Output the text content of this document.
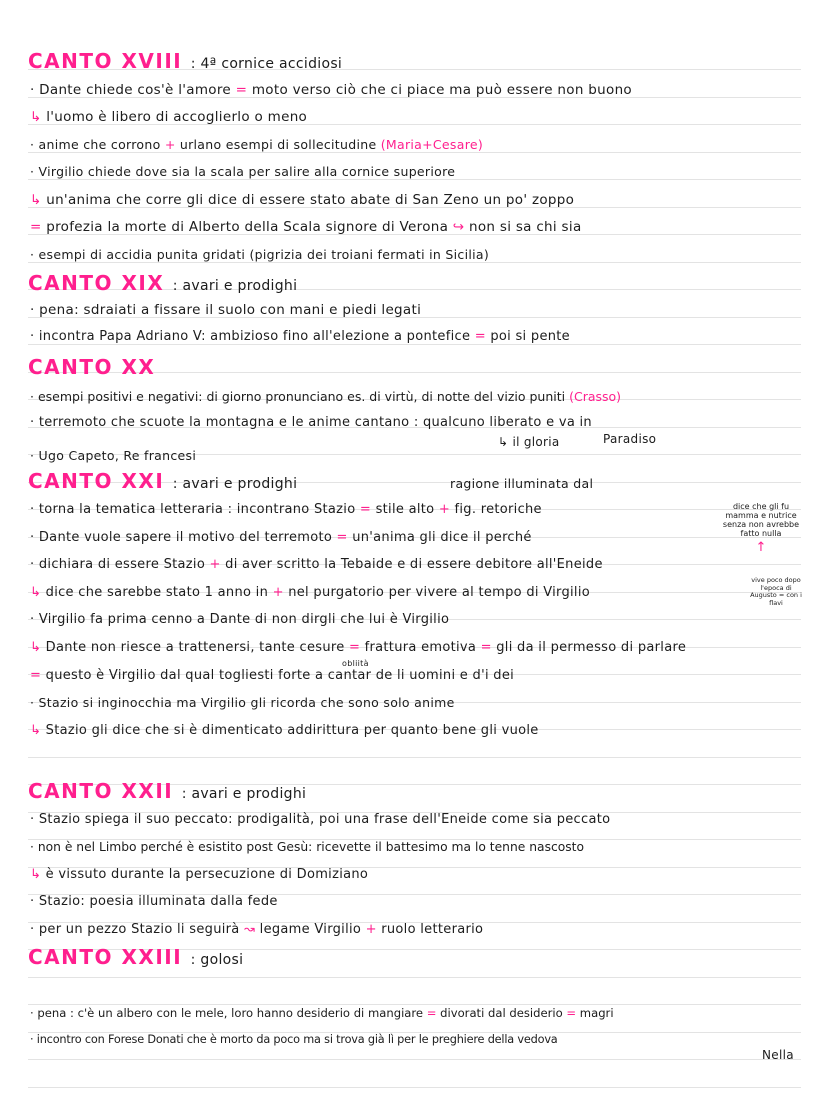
CANTO XVIII : 4ª cornice accidiosi
· Dante chiede cos'è l'amore = moto verso ciò che ci piace ma può essere non buono
↳ l'uomo è libero di accoglierlo o meno
· anime che corrono + urlano esempi di sollecitudine (Maria+Cesare)
· Virgilio chiede dove sia la scala per salire alla cornice superiore
↳ un'anima che corre gli dice di essere stato abate di San Zeno un po' zoppo
= profezia la morte di Alberto della Scala signore di Verona ↪ non si sa chi sia
· esempi di accidia punita gridati (pigrizia dei troiani fermati in Sicilia)
CANTO XIX : avari e prodighi
· pena: sdraiati a fissare il suolo con mani e piedi legati
· incontra Papa Adriano V: ambizioso fino all'elezione a pontefice = poi si pente
CANTO XX
· esempi positivi e negativi: di giorno pronunciano es. di virtù, di notte del vizio puniti (Crasso)
· terremoto che scuote la montagna e le anime cantano : qualcuno liberato e va in
↳ il gloria	Paradiso
· Ugo Capeto, Re francesi
CANTO XXI : avari e prodighi	ragione illuminata dal
· torna la tematica letteraria : incontrano Stazio = stile alto + fig. retoriche
· Dante vuole sapere il motivo del terremoto = un'anima gli dice il perché
dice che gli fu mamma e nutrice senza non avrebbe fatto nulla
↑
· dichiara di essere Stazio + di aver scritto la Tebaide e di essere debitore all'Eneide
↳ dice che sarebbe stato 1 anno in + nel purgatorio per vivere al tempo di Virgilio
vive poco dopo l'epoca di Augusto = con i flavi
· Virgilio fa prima cenno a Dante di non dirgli che lui è Virgilio
↳ Dante non riesce a trattenersi, tante cesure = frattura emotiva = gli da il permesso di parlare
obliità
= questo è Virgilio dal qual togliesti forte a cantar de li uomini e d'i dei
· Stazio si inginocchia ma Virgilio gli ricorda che sono solo anime
↳ Stazio gli dice che si è dimenticato addirittura per quanto bene gli vuole
CANTO XXII : avari e prodighi
· Stazio spiega il suo peccato: prodigalità, poi una frase dell'Eneide come sia peccato
· non è nel Limbo perché è esistito post Gesù: ricevette il battesimo ma lo tenne nascosto
↳ è vissuto durante la persecuzione di Domiziano
· Stazio: poesia illuminata dalla fede
· per un pezzo Stazio li seguirà ↝ legame Virgilio + ruolo letterario
CANTO XXIII : golosi
· pena : c'è un albero con le mele, loro hanno desiderio di mangiare = divorati dal desiderio = magri
· incontro con Forese Donati che è morto da poco ma si trova già lì per le preghiere della vedova
Nella
